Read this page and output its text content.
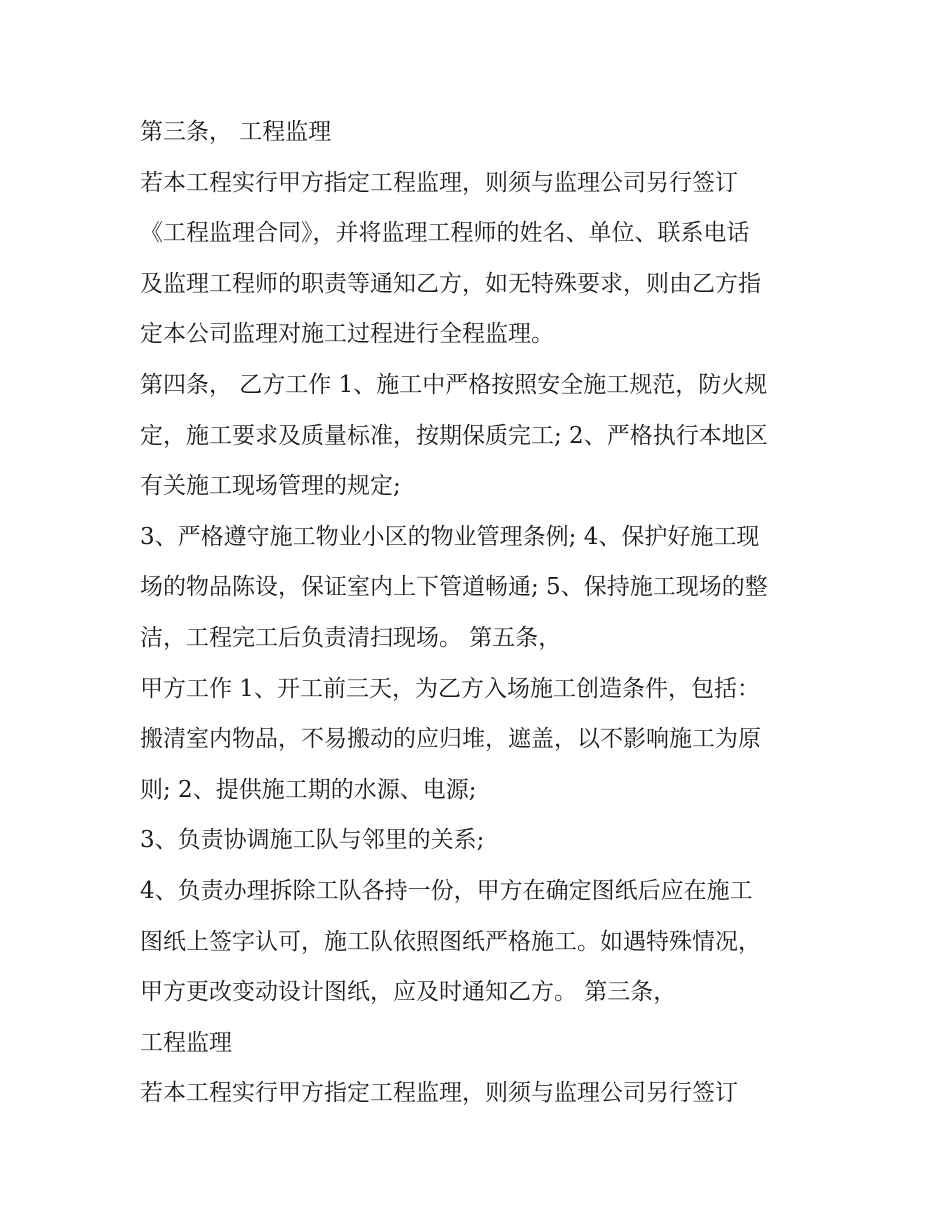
第三条， 工程监理
若本工程实行甲方指定工程监理，则须与监理公司另行签订
《工程监理合同》，并将监理工程师的姓名、单位、联系电话
及监理工程师的职责等通知乙方，如无特殊要求，则由乙方指
定本公司监理对施工过程进行全程监理。
第四条， 乙方工作 1、施工中严格按照安全施工规范，防火规
定，施工要求及质量标准，按期保质完工; 2、严格执行本地区
有关施工现场管理的规定;
3、严格遵守施工物业小区的物业管理条例; 4、保护好施工现
场的物品陈设，保证室内上下管道畅通; 5、保持施工现场的整
洁，工程完工后负责清扫现场。 第五条，
甲方工作 1、开工前三天，为乙方入场施工创造条件，包括：
搬清室内物品，不易搬动的应归堆，遮盖，以不影响施工为原
则; 2、提供施工期的水源、电源;
3、负责协调施工队与邻里的关系;
4、负责办理拆除工队各持一份，甲方在确定图纸后应在施工
图纸上签字认可，施工队依照图纸严格施工。如遇特殊情况，
甲方更改变动设计图纸，应及时通知乙方。 第三条，
工程监理
若本工程实行甲方指定工程监理，则须与监理公司另行签订
